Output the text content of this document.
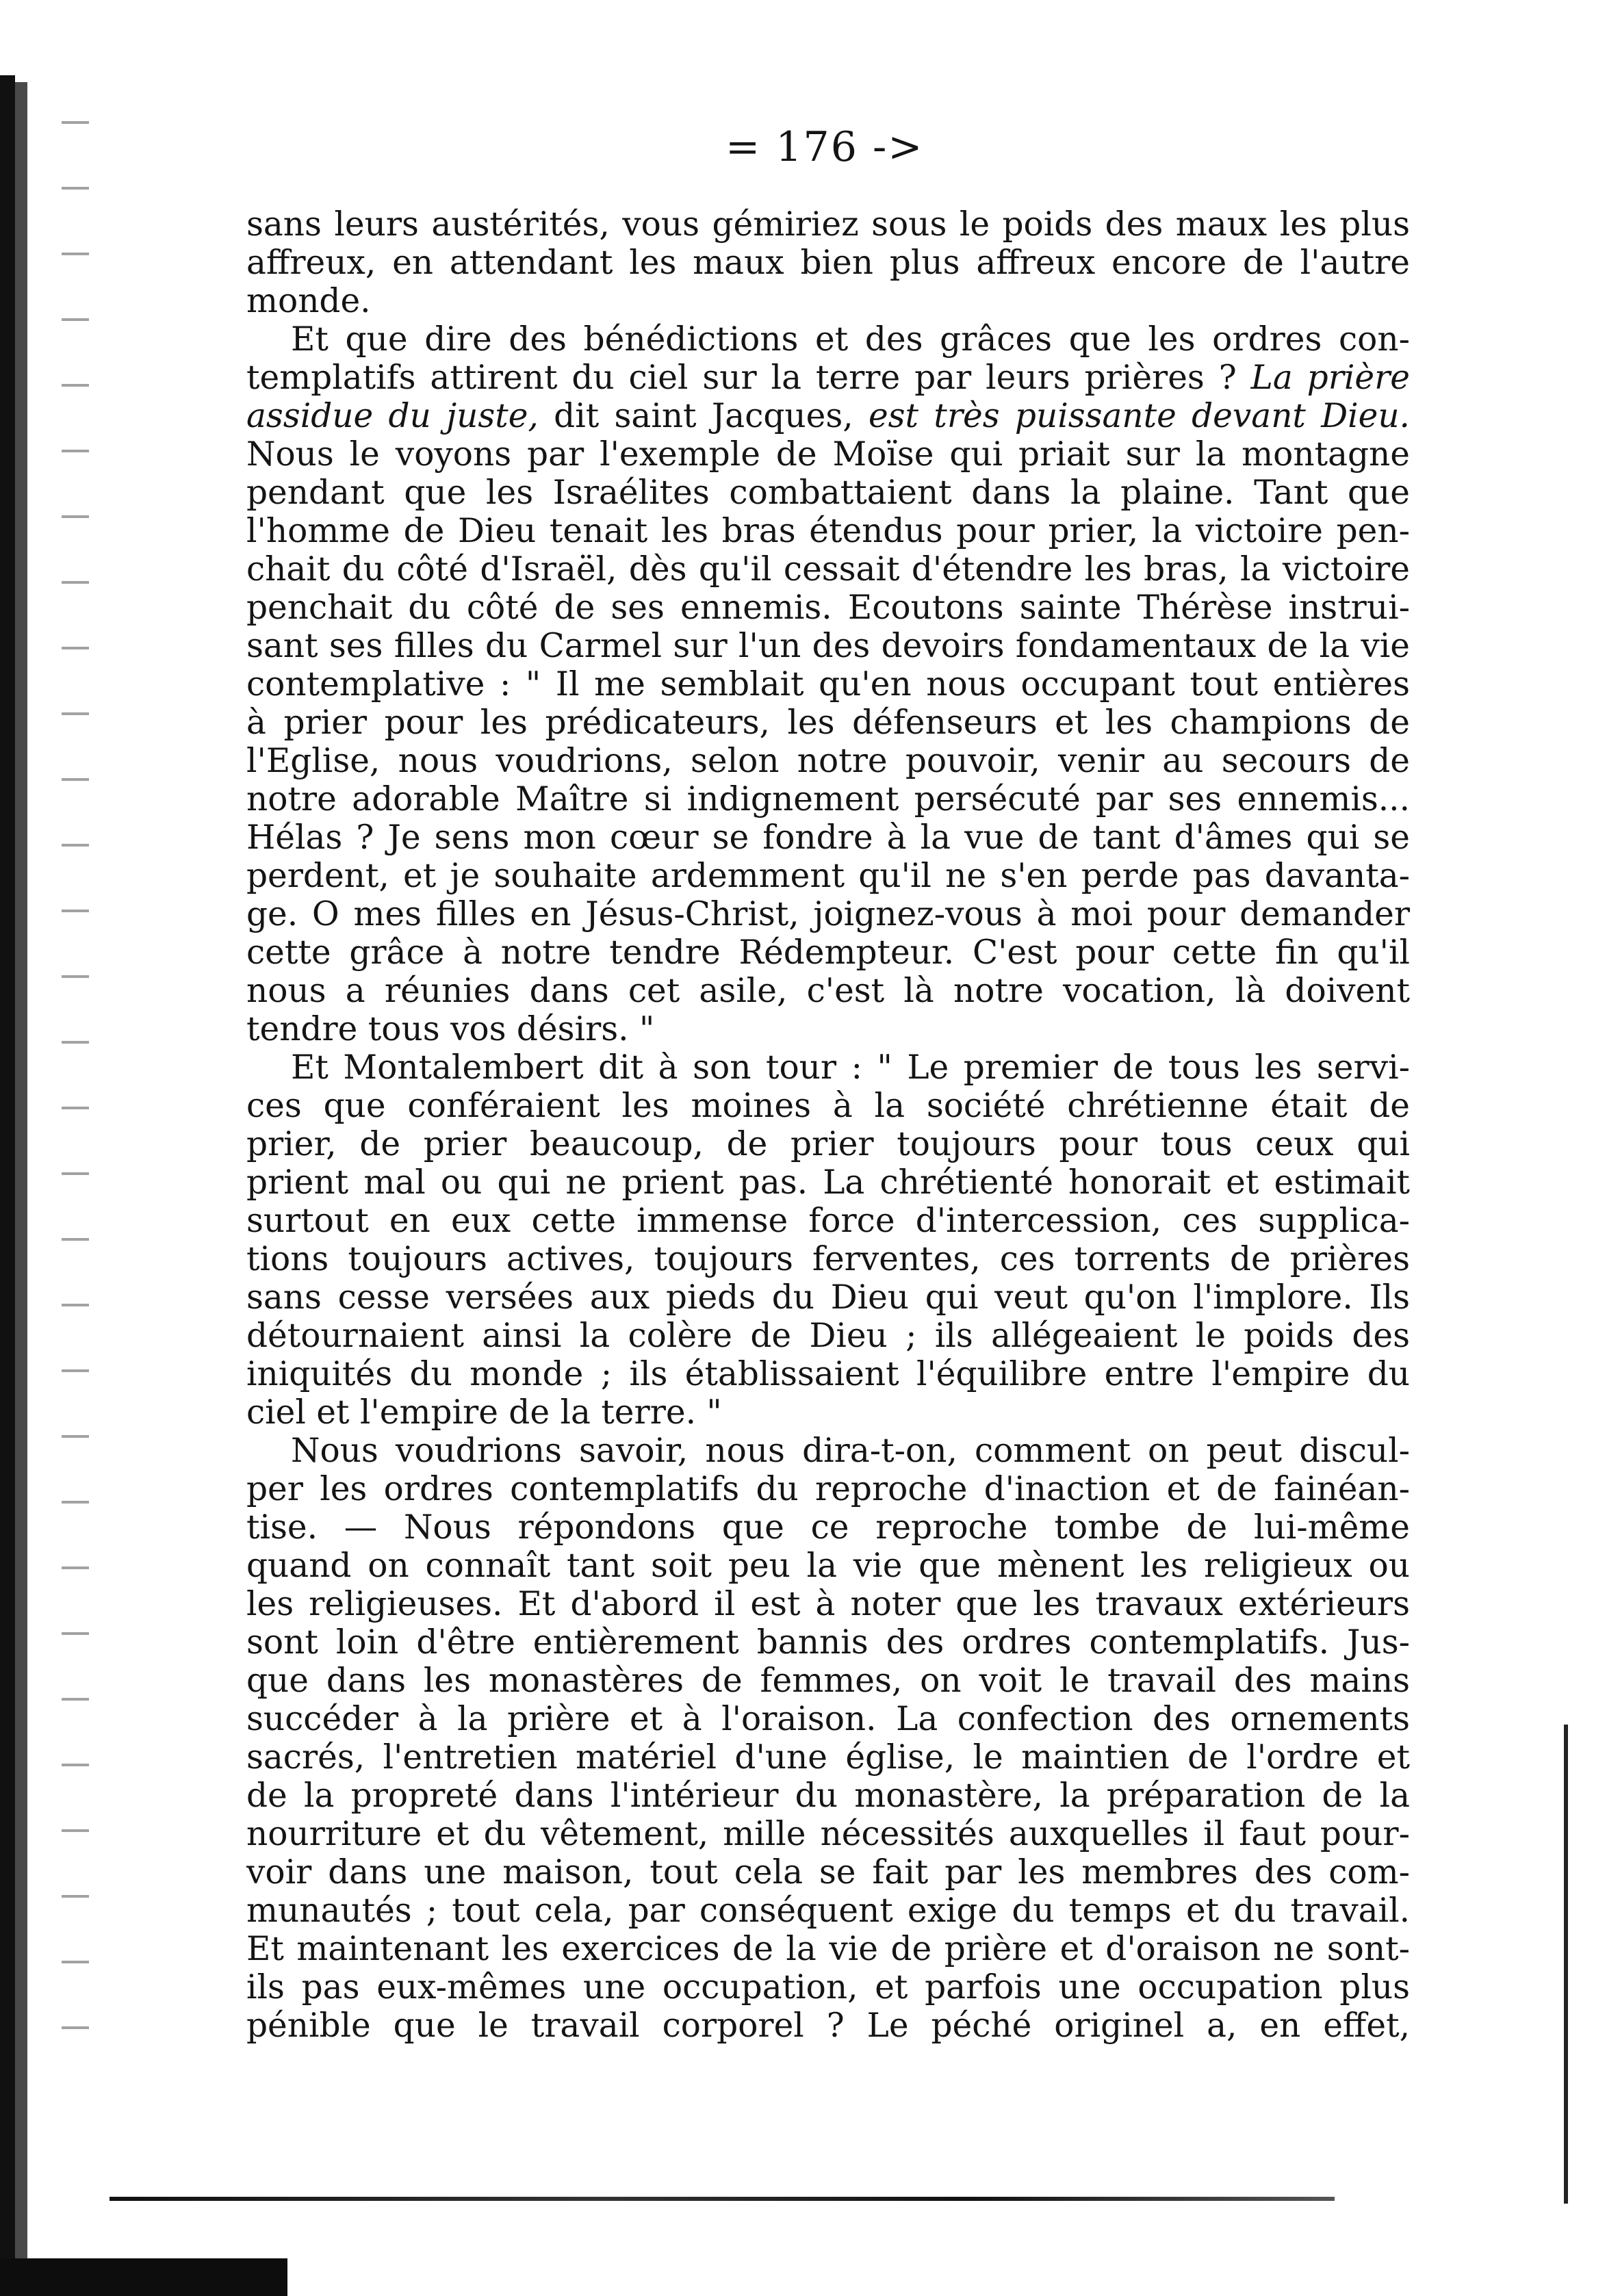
= 176 ->
sans leurs austérités, vous gémiriez sous le poids des maux les plus
affreux, en attendant les maux bien plus affreux encore de l'autre
monde.
Et que dire des bénédictions et des grâces que les ordres con-
templatifs attirent du ciel sur la terre par leurs prières ? La prière
assidue du juste, dit saint Jacques, est très puissante devant Dieu.
Nous le voyons par l'exemple de Moïse qui priait sur la montagne
pendant que les Israélites combattaient dans la plaine. Tant que
l'homme de Dieu tenait les bras étendus pour prier, la victoire pen-
chait du côté d'Israël, dès qu'il cessait d'étendre les bras, la victoire
penchait du côté de ses ennemis. Ecoutons sainte Thérèse instrui-
sant ses filles du Carmel sur l'un des devoirs fondamentaux de la vie
contemplative : " Il me semblait qu'en nous occupant tout entières
à prier pour les prédicateurs, les défenseurs et les champions de
l'Eglise, nous voudrions, selon notre pouvoir, venir au secours de
notre adorable Maître si indignement persécuté par ses ennemis...
Hélas ? Je sens mon cœur se fondre à la vue de tant d'âmes qui se
perdent, et je souhaite ardemment qu'il ne s'en perde pas davanta-
ge. O mes filles en Jésus-Christ, joignez-vous à moi pour demander
cette grâce à notre tendre Rédempteur. C'est pour cette fin qu'il
nous a réunies dans cet asile, c'est là notre vocation, là doivent
tendre tous vos désirs. "
Et Montalembert dit à son tour : " Le premier de tous les servi-
ces que conféraient les moines à la société chrétienne était de
prier, de prier beaucoup, de prier toujours pour tous ceux qui
prient mal ou qui ne prient pas. La chrétienté honorait et estimait
surtout en eux cette immense force d'intercession, ces supplica-
tions toujours actives, toujours ferventes, ces torrents de prières
sans cesse versées aux pieds du Dieu qui veut qu'on l'implore. Ils
détournaient ainsi la colère de Dieu ; ils allégeaient le poids des
iniquités du monde ; ils établissaient l'équilibre entre l'empire du
ciel et l'empire de la terre. "
Nous voudrions savoir, nous dira-t-on, comment on peut discul-
per les ordres contemplatifs du reproche d'inaction et de fainéan-
tise. — Nous répondons que ce reproche tombe de lui-même
quand on connaît tant soit peu la vie que mènent les religieux ou
les religieuses. Et d'abord il est à noter que les travaux extérieurs
sont loin d'être entièrement bannis des ordres contemplatifs. Jus-
que dans les monastères de femmes, on voit le travail des mains
succéder à la prière et à l'oraison. La confection des ornements
sacrés, l'entretien matériel d'une église, le maintien de l'ordre et
de la propreté dans l'intérieur du monastère, la préparation de la
nourriture et du vêtement, mille nécessités auxquelles il faut pour-
voir dans une maison, tout cela se fait par les membres des com-
munautés ; tout cela, par conséquent exige du temps et du travail.
Et maintenant les exercices de la vie de prière et d'oraison ne sont-
ils pas eux-mêmes une occupation, et parfois une occupation plus
pénible que le travail corporel ? Le péché originel a, en effet,
